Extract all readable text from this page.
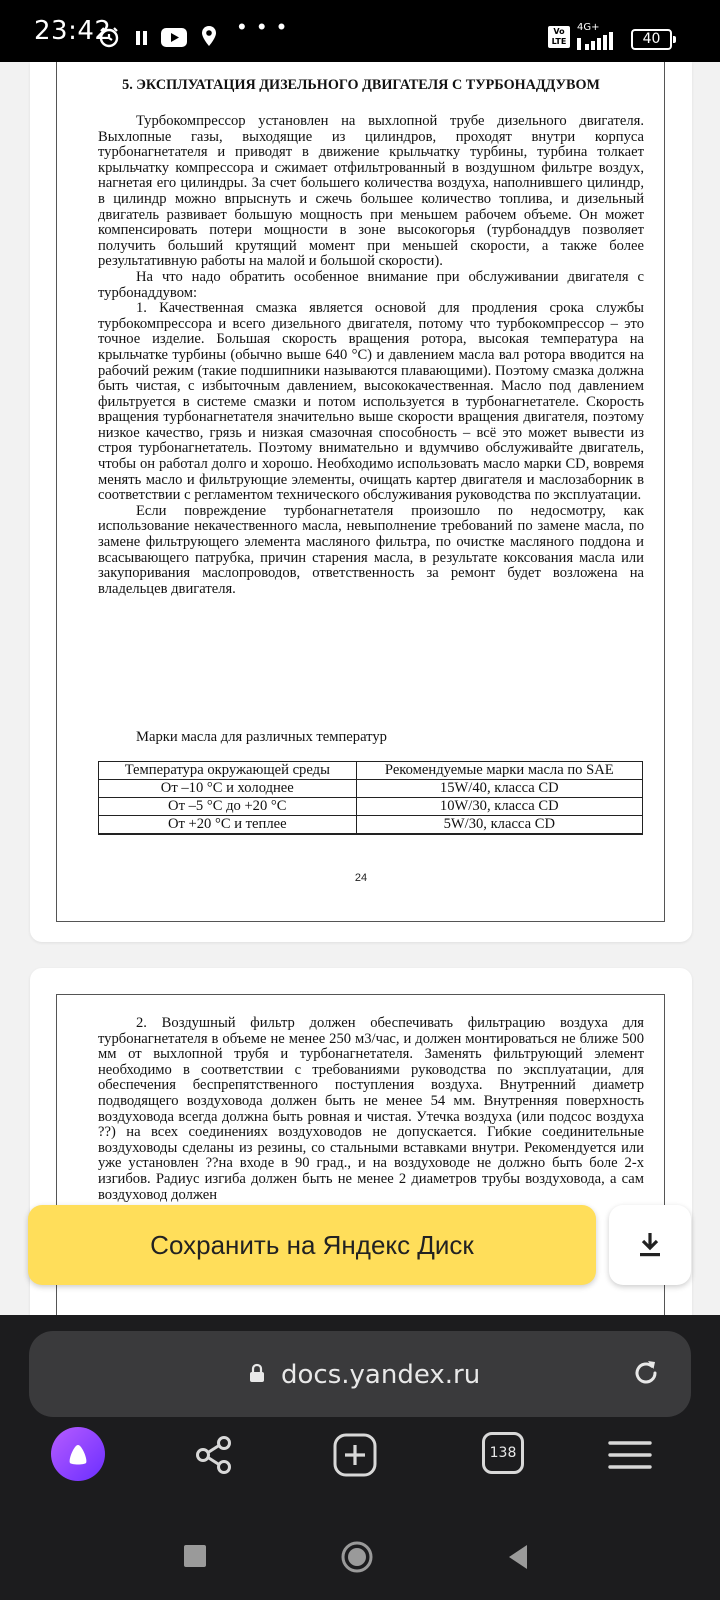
23:42	• • •	Vo LTE
4G+
40
5. ЭКСПЛУАТАЦИЯ ДИЗЕЛЬНОГО ДВИГАТЕЛЯ С ТУРБОНАДДУВОМ

Турбокомпрессор установлен на выхлопной трубе дизельного двигателя. Выхлопные газы, выходящие из цилиндров, проходят внутри корпуса турбонагнетателя и приводят в движение крыльчатку турбины, турбина толкает крыльчатку компрессора и сжимает отфильтрованный в воздушном фильтре воздух, нагнетая его цилиндры. За счет большего количества воздуха, наполнившего цилиндр, в цилиндр можно впрыснуть и сжечь большее количество топлива, и дизельный двигатель развивает большую мощность при меньшем рабочем объеме. Он может компенсировать потери мощности в зоне высокогорья (турбонаддув позволяет получить больший крутящий момент при меньшей скорости, а также более результативную работы на малой и большой скорости).

На что надо обратить особенное внимание при обслуживании двигателя с турбонаддувом:

1. Качественная смазка является основой для продления срока службы турбокомпрессора и всего дизельного двигателя, потому что турбокомпрессор – это точное изделие. Большая скорость вращения ротора, высокая температура на крыльчатке турбины (обычно выше 640 °С) и давлением масла вал ротора вводится на рабочий режим (такие подшипники называются плавающими). Поэтому смазка должна быть чистая, с избыточным давлением, высококачественная. Масло под давлением фильтруется в системе смазки и потом используется в турбонагнетателе. Скорость вращения турбонагнетателя значительно выше скорости вращения двигателя, поэтому низкое качество, грязь и низкая смазочная способность – всё это может вывести из строя турбонагнетатель. Поэтому внимательно и вдумчиво обслуживайте двигатель, чтобы он работал долго и хорошо. Необходимо использовать масло марки CD, вовремя менять масло и фильтрующие элементы, очищать картер двигателя и маслозаборник в соответствии с регламентом технического обслуживания руководства по эксплуатации.

Если повреждение турбонагнетателя произошло по недосмотру, как использование некачественного масла, невыполнение требований по замене масла, по замене фильтрующего элемента масляного фильтра, по очистке масляного поддона и всасывающего патрубка, причин старения масла, в результате коксования масла или закупоривания маслопроводов, ответственность за ремонт будет возложена на владельцев двигателя.

Марки масла для различных температур
Температура окружающей среды	Рекомендуемые марки масла по SAE
От –10 °С и холоднее	15W/40, класса CD
От –5 °С до +20 °С	10W/30, класса CD
От +20 °С и теплее	5W/30, класса CD
24

2. Воздушный фильтр должен обеспечивать фильтрацию воздуха для турбонагнетателя в объеме не менее 250 м3/час, и должен монтироваться не ближе 500 мм от выхлопной трубя и турбонагнетателя. Заменять фильтрующий элемент необходимо в соответствии с требованиями руководства по эксплуатации, для обеспечения беспрепятственного поступления воздуха. Внутренний диаметр подводящего воздуховода должен быть не менее 54 мм. Внутренняя поверхность воздуховода всегда должна быть ровная и чистая. Утечка воздуха (или подсос воздуха ??) на всех соединениях воздуховодов не допускается. Гибкие соединительные воздуховоды сделаны из резины, со стальными вставками внутри. Рекомендуется или уже установлен ??на входе в 90 град., и на воздуховоде не должно быть боле 2-х изгибов. Радиус изгиба должен быть не менее 2 диаметров трубы воздуховода, а сам воздуховод должен

Сохранить на Яндекс Диск
docs.yandex.ru
138
